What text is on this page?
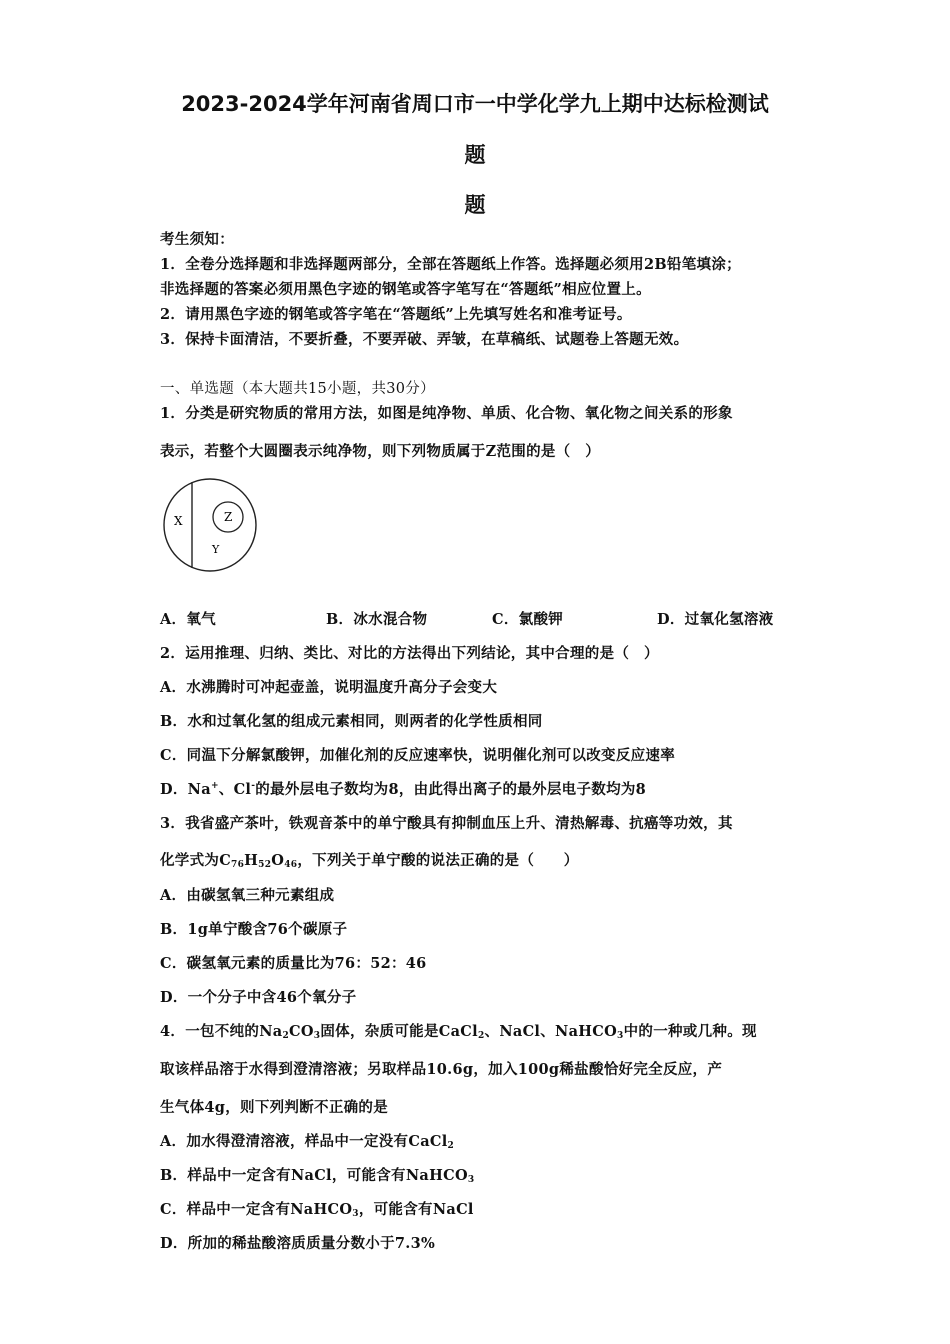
2023-2024学年河南省周口市一中学化学九上期中达标检测试
题
题
考生须知：
1．全卷分选择题和非选择题两部分，全部在答题纸上作答。选择题必须用2B铅笔填涂；
非选择题的答案必须用黑色字迹的钢笔或答字笔写在“答题纸”相应位置上。
2．请用黑色字迹的钢笔或答字笔在“答题纸”上先填写姓名和准考证号。
3．保持卡面清洁，不要折叠，不要弄破、弄皱，在草稿纸、试题卷上答题无效。
一、单选题（本大题共15小题，共30分）
1．分类是研究物质的常用方法，如图是纯净物、单质、化合物、氧化物之间关系的形象
表示，若整个大圆圈表示纯净物，则下列物质属于Z范围的是（　）
X	Z
Y
A．氧气	B．冰水混合物	C．氯酸钾	D．过氧化氢溶液
2．运用推理、归纳、类比、对比的方法得出下列结论，其中合理的是（　）
A．水沸腾时可冲起壶盖，说明温度升高分子会变大
B．水和过氧化氢的组成元素相同，则两者的化学性质相同
C．同温下分解氯酸钾，加催化剂的反应速率快，说明催化剂可以改变反应速率
D．Na+、Cl-的最外层电子数均为8，由此得出离子的最外层电子数均为8
3．我省盛产茶叶，铁观音茶中的单宁酸具有抑制血压上升、清热解毒、抗癌等功效，其
化学式为$C_{76}H_{52}O_{46}$，下列关于单宁酸的说法正确的是（　　）
A．由碳氢氧三种元素组成
B．1g单宁酸含76个碳原子
C．碳氢氧元素的质量比为76：52：46
D．一个分子中含46个氧分子
4．一包不纯的$Na_2CO_3$固体，杂质可能是CaCl$_2$、NaCl、NaHCO$_3$中的一种或几种。现
取该样品溶于水得到澄清溶液；另取样品10.6g，加入100g稀盐酸恰好完全反应，产
生气体4g，则下列判断不正确的是
A．加水得澄清溶液，样品中一定没有CaCl$_2$
B．样品中一定含有NaCl，可能含有NaHCO$_3$
C．样品中一定含有NaHCO$_3$，可能含有NaCl
D．所加的稀盐酸溶质质量分数小于7.3%
